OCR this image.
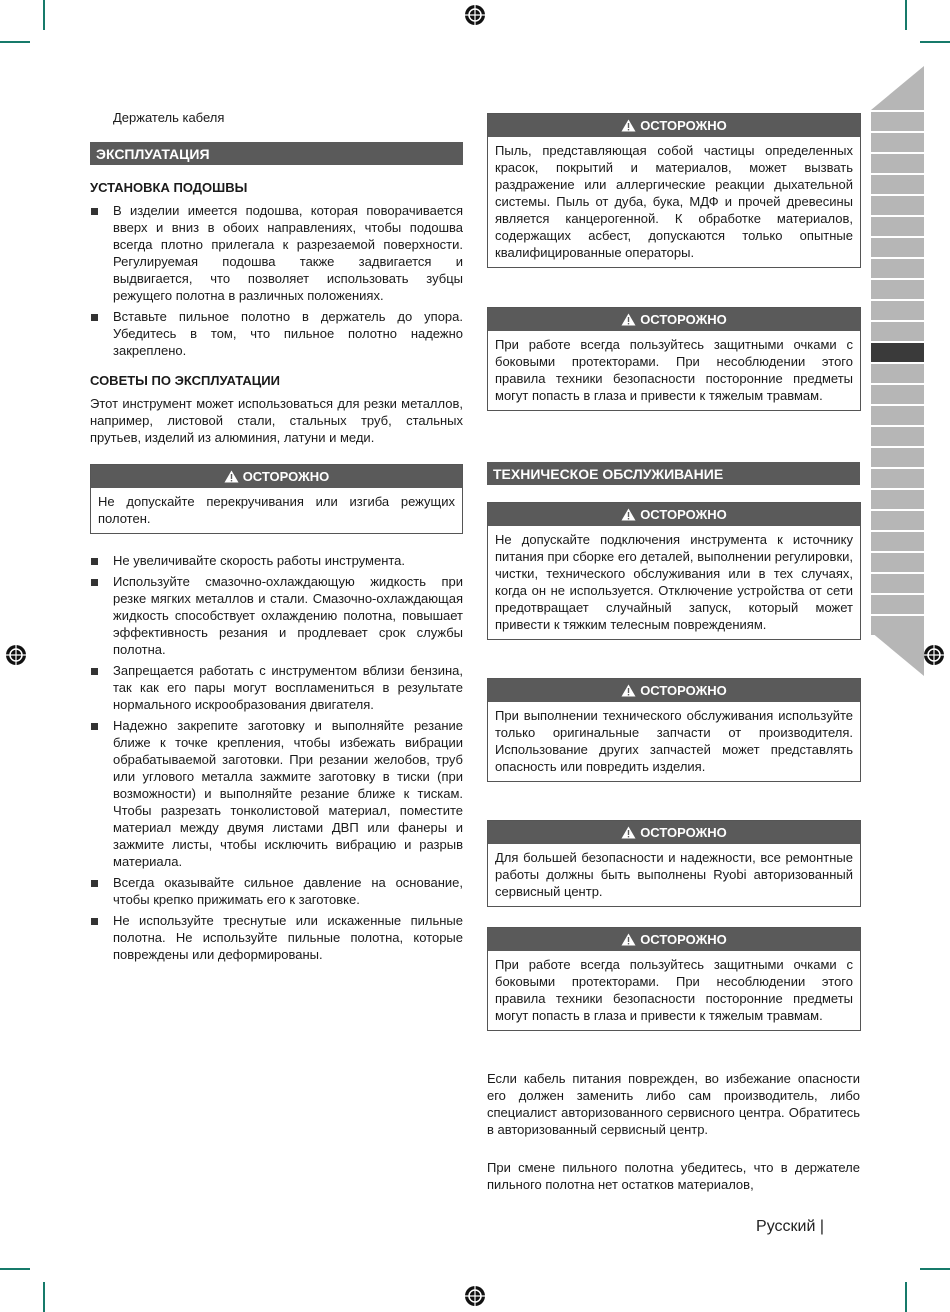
Держатель кабеля

ЭКСПЛУАТАЦИЯ

УСТАНОВКА ПОДОШВЫ

В изделии имеется подошва, которая поворачивается вверх и вниз в обоих направлениях, чтобы подошва всегда плотно прилегала к разрезаемой поверхности. Регулируемая подошва также задвигается и выдвигается, что позволяет использовать зубцы режущего полотна в различных положениях.
Вставьте пильное полотно в держатель до упора. Убедитесь в том, что пильное полотно надежно закреплено.

СОВЕТЫ ПО ЭКСПЛУАТАЦИИ

Этот инструмент может использоваться для резки металлов, например, листовой стали, стальных труб, стальных прутьев, изделий из алюминия, латуни и меди.

ОСТОРОЖНО
Не допускайте перекручивания или изгиба режущих полотен.
Не увеличивайте скорость работы инструмента.
Используйте смазочно-охлаждающую жидкость при резке мягких металлов и стали. Смазочно-охлаждающая жидкость способствует охлаждению полотна, повышает эффективность резания и продлевает срок службы полотна.
Запрещается работать с инструментом вблизи бензина, так как его пары могут воспламениться в результате нормального искрообразования двигателя.
Надежно закрепите заготовку и выполняйте резание ближе к точке крепления, чтобы избежать вибрации обрабатываемой заготовки. При резании желобов, труб или углового металла зажмите заготовку в тиски (при возможности) и выполняйте резание ближе к тискам. Чтобы разрезать тонколистовой материал, поместите материал между двумя листами ДВП или фанеры и зажмите листы, чтобы исключить вибрацию и разрыв материала.
Всегда оказывайте сильное давление на основание, чтобы крепко прижимать его к заготовке.
Не используйте треснутые или искаженные пильные полотна. Не используйте пильные полотна, которые повреждены или деформированы.
ОСТОРОЖНО
Пыль, представляющая собой частицы определенных красок, покрытий и материалов, может вызвать раздражение или аллергические реакции дыхательной системы. Пыль от дуба, бука, МДФ и прочей древесины является канцерогенной. К обработке материалов, содержащих асбест, допускаются только опытные квалифицированные операторы.
ОСТОРОЖНО
При работе всегда пользуйтесь защитными очками с боковыми протекторами. При несоблюдении этого правила техники безопасности посторонние предметы могут попасть в глаза и привести к тяжелым травмам.
ТЕХНИЧЕСКОЕ ОБСЛУЖИВАНИЕ
ОСТОРОЖНО
Не допускайте подключения инструмента к источнику питания при сборке его деталей, выполнении регулировки, чистки, технического обслуживания или в тех случаях, когда он не используется. Отключение устройства от сети предотвращает случайный запуск, который может привести к тяжким телесным повреждениям.
ОСТОРОЖНО
При выполнении технического обслуживания используйте только оригинальные запчасти от производителя. Использование других запчастей может представлять опасность или повредить изделия.
ОСТОРОЖНО
Для большей безопасности и надежности, все ремонтные работы должны быть выполнены Ryobi авторизованный сервисный центр.
ОСТОРОЖНО
При работе всегда пользуйтесь защитными очками с боковыми протекторами. При несоблюдении этого правила техники безопасности посторонние предметы могут попасть в глаза и привести к тяжелым травмам.

Если кабель питания поврежден, во избежание опасности его должен заменить либо сам производитель, либо специалист авторизованного сервисного центра. Обратитесь в авторизованный сервисный центр.

При смене пильного полотна убедитесь, что в держателе пильного полотна нет остатков материалов,

Русский |
